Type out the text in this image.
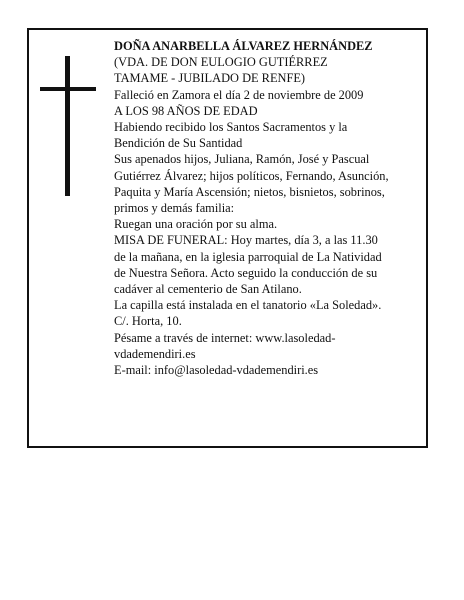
DOÑA ANARBELLA ÁLVAREZ HERNÁNDEZ
(VDA. DE DON EULOGIO GUTIÉRREZ
TAMAME - JUBILADO DE RENFE)
Falleció en Zamora el día 2 de noviembre de 2009
A LOS 98 AÑOS DE EDAD
Habiendo recibido los Santos Sacramentos y la
Bendición de Su Santidad
Sus apenados hijos, Juliana, Ramón, José y Pascual
Gutiérrez Álvarez; hijos políticos, Fernando, Asunción,
Paquita y María Ascensión; nietos, bisnietos, sobrinos,
primos y demás familia:
Ruegan una oración por su alma.
MISA DE FUNERAL: Hoy martes, día 3, a las 11.30
de la mañana, en la iglesia parroquial de La Natividad
de Nuestra Señora. Acto seguido la conducción de su
cadáver al cementerio de San Atilano.
La capilla está instalada en el tanatorio «La Soledad».
C/. Horta, 10.
Pésame a través de internet: www.lasoledad-
vdademendiri.es
E-mail: info@lasoledad-vdademendiri.es
